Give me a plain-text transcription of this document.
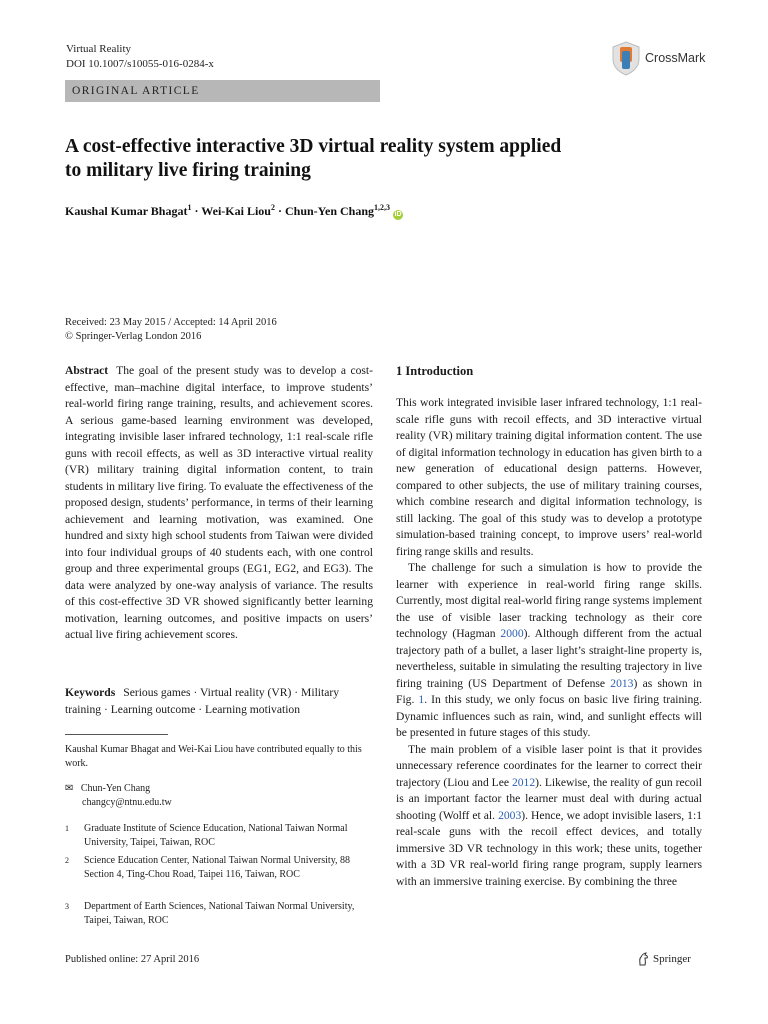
Virtual Reality
DOI 10.1007/s10055-016-0284-x	CrossMark
ORIGINAL ARTICLE
A cost-effective interactive 3D virtual reality system applied
to military live firing training
Kaushal Kumar Bhagat$^1$ · Wei-Kai Liou$^2$ · Chun-Yen Chang$^{1,2,3}$iD
Received: 23 May 2015 / Accepted: 14 April 2016
© Springer-Verlag London 2016

Abstract The goal of the present study was to develop a cost-effective, man–machine digital interface, to improve students’ real-world firing range training, results, and achievement scores. A serious game-based learning environment was developed, integrating invisible laser infrared technology, 1:1 real-scale rifle guns with recoil effects, as well as 3D interactive virtual reality (VR) military training digital information content, to train students in military live firing. To evaluate the effectiveness of the proposed design, students’ performance, in terms of their learning achievement and learning motivation, was examined. One hundred and sixty high school students from Taiwan were divided into four individual groups of 40 students each, with one control group and three experimental groups (EG1, EG2, and EG3). The data were analyzed by one-way analysis of variance. The results of this cost-effective 3D VR showed significantly better learning motivation, learning outcomes, and positive impacts on users’ actual live firing achievement scores.

Keywords Serious games · Virtual reality (VR) · Military training · Learning outcome · Learning motivation

Kaushal Kumar Bhagat and Wei-Kai Liou have contributed equally to this work.
✉ Chun-Yen Chang
changcy@ntnu.edu.tw
1	Graduate Institute of Science Education, National Taiwan Normal University, Taipei, Taiwan, ROC
2	Science Education Center, National Taiwan Normal University, 88 Section 4, Ting-Chou Road, Taipei 116, Taiwan, ROC
3	Department of Earth Sciences, National Taiwan Normal University, Taipei, Taiwan, ROC
1 Introduction

This work integrated invisible laser infrared technology, 1:1 real-scale rifle guns with recoil effects, and 3D interactive virtual reality (VR) military training digital information content. The use of digital information technology in education has given birth to a new generation of educational design patterns. However, compared to other subjects, the use of military training courses, which combine research and digital information technology, is still lacking. The goal of this study was to develop a prototype simulation-based training concept, to improve users’ real-world firing range skills and results.

The challenge for such a simulation is how to provide the learner with experience in real-world firing range skills. Currently, most digital real-world firing range systems implement the use of visible laser tracking technology as their core technology (Hagman 2000). Although different from the actual trajectory path of a bullet, a laser light’s straight-line property is, nevertheless, suitable in simulating the resulting trajectory in live firing training (US Department of Defense 2013) as shown in Fig. 1. In this study, we only focus on basic live firing training. Dynamic influences such as rain, wind, and sunlight effects will be presented in future stages of this study.

The main problem of a visible laser point is that it provides unnecessary reference coordinates for the learner to correct their trajectory (Liou and Lee 2012). Likewise, the reality of gun recoil is an important factor the learner must deal with during actual shooting (Wolff et al. 2003). Hence, we adopt invisible lasers, 1:1 real-scale guns with the recoil effect devices, and totally immersive 3D VR technology in this work; these units, together with a 3D VR real-world firing range program, supply learners with an immersive training exercise. By combining the three

Published online: 27 April 2016	Springer
